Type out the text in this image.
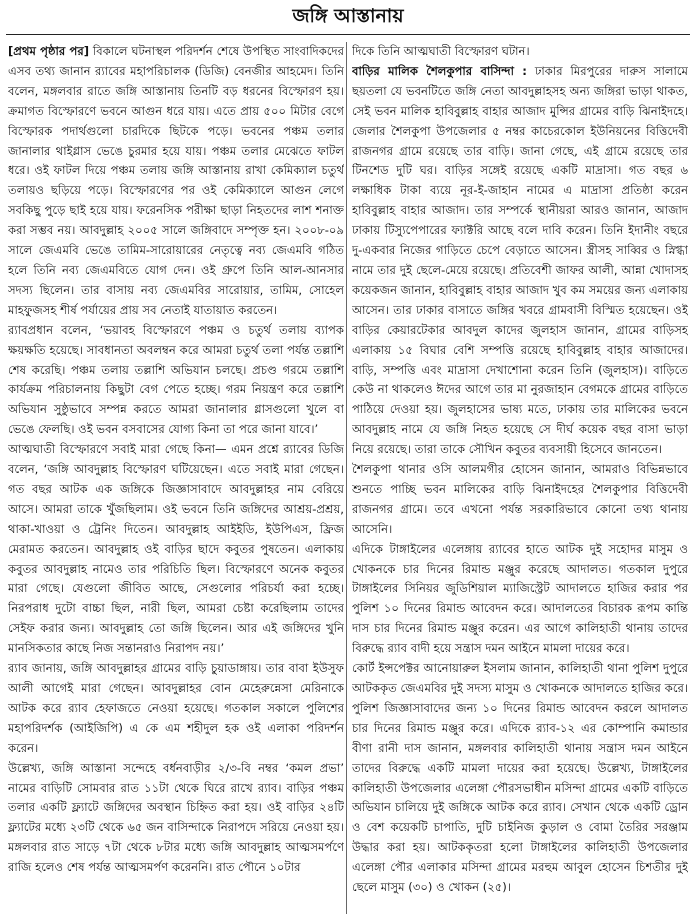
জঙ্গি আস্তানায়

[প্রথম পৃষ্ঠার পর] বিকালে ঘটনাস্থল পরিদর্শন শেষে উপস্থিত সাংবাদিকদের এসব তথ্য জানান র‍্যাবের মহাপরিচালক (ডিজি) বেনজীর আহমেদ। তিনি বলেন, মঙ্গলবার রাতে জঙ্গি আস্তানায় তিনটি বড় ধরনের বিস্ফোরণ হয়। ক্রমাগত বিস্ফোরণে ভবনে আগুন ধরে যায়। এতে প্রায় ৫০০ মিটার বেগে বিস্ফোরক পদার্থগুলো চারদিকে ছিটকে পড়ে। ভবনের পঞ্চম তলার জানালার থাইগ্লাস ভেঙে চুরমার হয়ে যায়। পঞ্চম তলার মেঝেতে ফাটল ধরে। ওই ফাটল দিয়ে পঞ্চম তলায় জঙ্গি আস্তানায় রাখা কেমিক্যাল চতুর্থ তলায়ও ছড়িয়ে পড়ে। বিস্ফোরণের পর ওই কেমিক্যালে আগুন লেগে সবকিছু পুড়ে ছাই হয়ে যায়। ফরেনসিক পরীক্ষা ছাড়া নিহতদের লাশ শনাক্ত করা সম্ভব নয়। আবদুল্লাহ ২০০৫ সালে জঙ্গিবাদে সম্পৃক্ত হন। ২০০৮-০৯ সালে জেএমবি ভেঙে তামিম-সারোয়ারের নেতৃত্বে নব্য জেএমবি গঠিত হলে তিনি নব্য জেএমবিতে যোগ দেন। ওই গ্রুপে তিনি আল-আনসার সদস্য ছিলেন। তার বাসায় নব্য জেএমবির সারোয়ার, তামিম, সোহেল মাহফুজসহ শীর্ষ পর্যায়ের প্রায় সব নেতাই যাতায়াত করতেন।

র‍্যাবপ্রধান বলেন, ‘ভয়াবহ বিস্ফোরণে পঞ্চম ও চতুর্থ তলায় ব্যাপক ক্ষয়ক্ষতি হয়েছে। সাবধানতা অবলম্বন করে আমরা চতুর্থ তলা পর্যন্ত তল্লাশি শেষ করেছি। পঞ্চম তলায় তল্লাশি অভিযান চলছে। প্রচণ্ড গরমে তল্লাশি কার্যক্রম পরিচালনায় কিছুটা বেগ পেতে হচ্ছে। গরম নিয়ন্ত্রণ করে তল্লাশি অভিযান সুষ্ঠুভাবে সম্পন্ন করতে আমরা জানালার গ্লাসগুলো খুলে বা ভেঙে ফেলছি। ওই ভবন বসবাসের যোগ্য কিনা তা পরে জানা যাবে।’

আত্মঘাতী বিস্ফোরণে সবাই মারা গেছে কিনা— এমন প্রশ্নে র‍্যাবের ডিজি বলেন, ‘জঙ্গি আবদুল্লাহ বিস্ফোরণ ঘটিয়েছেন। এতে সবাই মারা গেছেন। গত বছর আটক এক জঙ্গিকে জিজ্ঞাসাবাদে আবদুল্লাহর নাম বেরিয়ে আসে। আমরা তাকে খুঁজছিলাম। ওই ভবনে তিনি জঙ্গিদের আশ্রয়-প্রশ্রয়, থাকা-খাওয়া ও ট্রেনিং দিতেন। আবদুল্লাহ আইইডি, ইউপিএস, ফ্রিজ মেরামত করতেন। আবদুল্লাহ ওই বাড়ির ছাদে কবুতর পুষতেন। এলাকায় কবুতর আবদুল্লাহ নামেও তার পরিচিতি ছিল। বিস্ফোরণে অনেক কবুতর মারা গেছে। যেগুলো জীবিত আছে, সেগুলোর পরিচর্যা করা হচ্ছে। নিরপরাধ দুটো বাচ্চা ছিল, নারী ছিল, আমরা চেষ্টা করেছিলাম তাদের সেইফ করার জন্য। আবদুল্লাহ তো জঙ্গি ছিলেন। আর এই জঙ্গিদের খুনি মানসিকতার কাছে নিজ সন্তানরাও নিরাপদ নয়।’

র‍্যাব জানায়, জঙ্গি আবদুল্লাহর গ্রামের বাড়ি চুয়াডাঙ্গায়। তার বাবা ইউসুফ আলী আগেই মারা গেছেন। আবদুল্লাহর বোন মেহেরুন্নেসা মেরিনাকে আটক করে র‍্যাব হেফাজতে নেওয়া হয়েছে। গতকাল সকালে পুলিশের মহাপরিদর্শক (আইজিপি) এ কে এম শহীদুল হক ওই এলাকা পরিদর্শন করেন।

উল্লেখ্য, জঙ্গি আস্তানা সন্দেহে বর্ধনবাড়ীর ২/৩-বি নম্বর ‘কমল প্রভা’ নামের বাড়িটি সোমবার রাত ১১টা থেকে ঘিরে রাখে র‍্যাব। বাড়ির পঞ্চম তলার একটি ফ্ল্যাটে জঙ্গিদের অবস্থান চিহ্নিত করা হয়। ওই বাড়ির ২৪টি ফ্ল্যাটের মধ্যে ২৩টি থেকে ৬৫ জন বাসিন্দাকে নিরাপদে সরিয়ে নেওয়া হয়। মঙ্গলবার রাত সাড়ে ৭টা থেকে ৮টার মধ্যে জঙ্গি আবদুল্লাহ আত্মসমর্পণে রাজি হলেও শেষ পর্যন্ত আত্মসমর্পণ করেননি। রাত পৌনে ১০টার

দিকে তিনি আত্মঘাতী বিস্ফোরণ ঘটান।

বাড়ির মালিক শৈলকুপার বাসিন্দা : ঢাকার মিরপুরের দারুস সালামে ছয়তলা যে ভবনটিতে জঙ্গি নেতা আবদুল্লাহসহ অন্য জঙ্গিরা ভাড়া থাকত, সেই ভবন মালিক হাবিবুল্লাহ বাহার আজাদ মুন্সির গ্রামের বাড়ি ঝিনাইদহে। জেলার শৈলকুপা উপজেলার ৫ নম্বর কাচেরকোল ইউনিয়নের বিত্তিদেবী রাজনগর গ্রামে রয়েছে তার বাড়ি। জানা গেছে, এই গ্রামে রয়েছে তার টিনশেড দুটি ঘর। বাড়ির সঙ্গেই রয়েছে একটি মাদ্রাসা। গত বছর ৬ লক্ষাধিক টাকা ব্যয়ে নূর-ই-জাহান নামের এ মাদ্রাসা প্রতিষ্ঠা করেন হাবিবুল্লাহ বাহার আজাদ। তার সম্পর্কে স্থানীয়রা আরও জানান, আজাদ ঢাকায় টিস্যুপেপারের ফ্যাক্টরি আছে বলে দাবি করেন। তিনি ইদানীং বছরে দু-একবার নিজের গাড়িতে চেপে বেড়াতে আসেন। স্ত্রীসহ সাব্বির ও স্নিগ্ধা নামে তার দুই ছেলে-মেয়ে রয়েছে। প্রতিবেশী জাফর আলী, আন্না খোদাসহ কয়েকজন জানান, হাবিবুল্লাহ বাহার আজাদ খুব কম সময়ের জন্য এলাকায় আসেন। তার ঢাকার বাসাতে জঙ্গির খবরে গ্রামবাসী বিস্মিত হয়েছেন। ওই বাড়ির কেয়ারটেকার আবদুল কাদের জুলহাস জানান, গ্রামের বাড়িসহ এলাকায় ১৫ বিঘার বেশি সম্পত্তি রয়েছে হাবিবুল্লাহ বাহার আজাদের। বাড়ি, সম্পত্তি এবং মাদ্রাসা দেখাশোনা করেন তিনি (জুলহাস)। বাড়িতে কেউ না থাকলেও ঈদের আগে তার মা নুরজাহান বেগমকে গ্রামের বাড়িতে পাঠিয়ে দেওয়া হয়। জুলহাসের ভাষ্য মতে, ঢাকায় তার মালিকের ভবনে আবদুল্লাহ নামে যে জঙ্গি নিহত হয়েছে সে দীর্ঘ কয়েক বছর বাসা ভাড়া নিয়ে রয়েছে। তারা তাকে সৌখিন কবুতর ব্যবসায়ী হিসেবে জানতেন।

শৈলকুপা থানার ওসি আলমগীর হোসেন জানান, আমরাও বিভিন্নভাবে শুনতে পাচ্ছি ভবন মালিকের বাড়ি ঝিনাইদহের শৈলকুপার বিত্তিদেবী রাজনগর গ্রামে। তবে এখনো পর্যন্ত সরকারিভাবে কোনো তথ্য থানায় আসেনি।

এদিকে টাঙ্গাইলের এলেঙ্গায় র‍্যাবের হাতে আটক দুই সহোদর মাসুম ও খোকনকে চার দিনের রিমান্ড মঞ্জুর করেছে আদালত। গতকাল দুপুরে টাঙ্গাইলের সিনিয়র জুডিশিয়াল ম্যাজিস্ট্রেট আদালতে হাজির করার পর পুলিশ ১০ দিনের রিমান্ড আবেদন করে। আদালতের বিচারক রূপম কান্তি দাস চার দিনের রিমান্ড মঞ্জুর করেন। এর আগে কালিহাতী থানায় তাদের বিরুদ্ধে র‍্যাব বাদী হয়ে সন্ত্রাস দমন আইনে মামলা দায়ের করে।

কোর্ট ইন্সপেক্টর আনোয়ারুল ইসলাম জানান, কালিহাতী থানা পুলিশ দুপুরে আটককৃত জেএমবির দুই সদস্য মাসুম ও খোকনকে আদালতে হাজির করে। পুলিশ জিজ্ঞাসাবাদের জন্য ১০ দিনের রিমান্ড আবেদন করলে আদালত চার দিনের রিমান্ড মঞ্জুর করে। এদিকে র‍্যাব-১২ এর কোম্পানি কমান্ডার বীণা রানী দাস জানান, মঙ্গলবার কালিহাতী থানায় সন্ত্রাস দমন আইনে তাদের বিরুদ্ধে একটি মামলা দায়ের করা হয়েছে। উল্লেখ্য, টাঙ্গাইলের কালিহাতী উপজেলার এলেঙ্গা পৌরসভাধীন মসিন্দা গ্রামের একটি বাড়িতে অভিযান চালিয়ে দুই জঙ্গিকে আটক করে র‍্যাব। সেখান থেকে একটি ড্রোন ও বেশ কয়েকটি চাপাতি, দুটি চাইনিজ কুড়াল ও বোমা তৈরির সরঞ্জাম উদ্ধার করা হয়। আটককৃতরা হলো টাঙ্গাইলের কালিহাতী উপজেলার এলেঙ্গা পৌর এলাকার মসিন্দা গ্রামের মরহুম আবুল হোসেন চিশতীর দুই ছেলে মাসুম (৩০) ও খোকন (২৫)।
